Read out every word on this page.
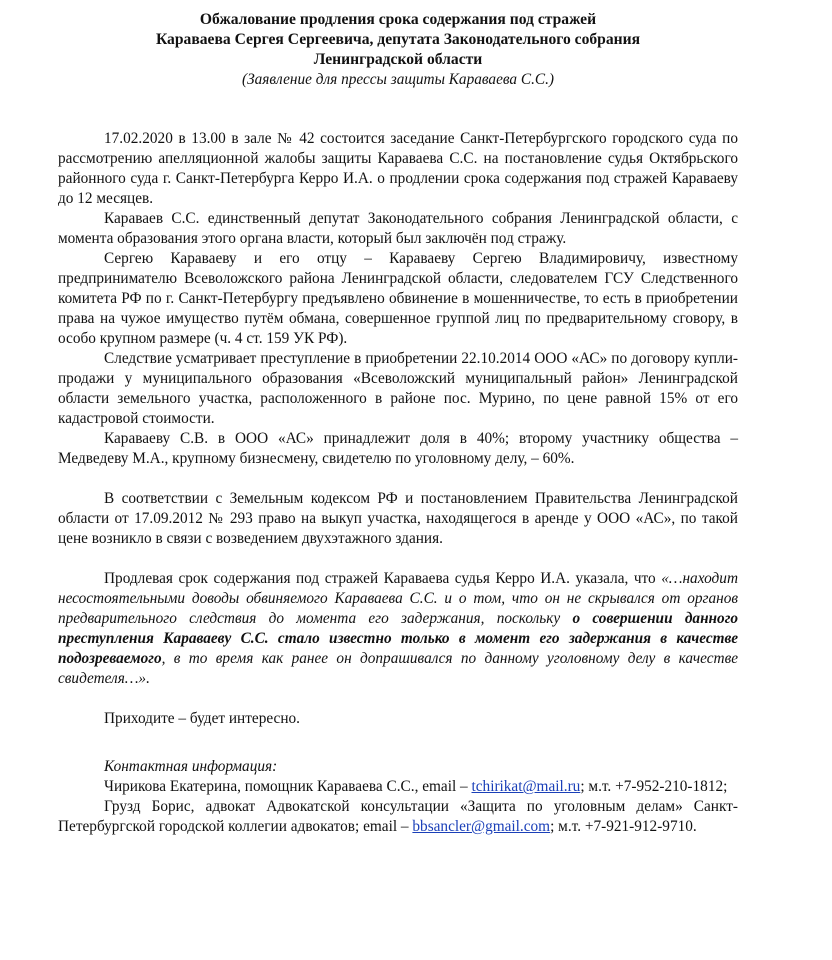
Обжалование продления срока содержания под стражей
Караваева Сергея Сергеевича, депутата Законодательного собрания
Ленинградской области
(Заявление для прессы защиты Караваева С.С.)

17.02.2020 в 13.00 в зале № 42 состоится заседание Санкт-Петербургского городского суда по рассмотрению апелляционной жалобы защиты Караваева С.С. на постановление судья Октябрьского районного суда г. Санкт-Петербурга Керро И.А. о продлении срока содержания под стражей Караваеву до 12 месяцев.

Караваев С.С. единственный депутат Законодательного собрания Ленинградской области, с момента образования этого органа власти, который был заключён под стражу.

Сергею Караваеву и его отцу – Караваеву Сергею Владимировичу, известному предпринимателю Всеволожского района Ленинградской области, следователем ГСУ Следственного комитета РФ по г. Санкт-Петербургу предъявлено обвинение в мошенничестве, то есть в приобретении права на чужое имущество путём обмана, совершенное группой лиц по предварительному сговору, в особо крупном размере (ч. 4 ст. 159 УК РФ).

Следствие усматривает преступление в приобретении 22.10.2014 ООО «АС» по договору купли-продажи у муниципального образования «Всеволожский муниципальный район» Ленинградской области земельного участка, расположенного в районе пос. Мурино, по цене равной 15% от его кадастровой стоимости.

Караваеву С.В. в ООО «АС» принадлежит доля в 40%; второму участнику общества – Медведеву М.А., крупному бизнесмену, свидетелю по уголовному делу, – 60%.

В соответствии с Земельным кодексом РФ и постановлением Правительства Ленинградской области от 17.09.2012 № 293 право на выкуп участка, находящегося в аренде у ООО «АС», по такой цене возникло в связи с возведением двухэтажного здания.

Продлевая срок содержания под стражей Караваева судья Керро И.А. указала, что «…находит несостоятельными доводы обвиняемого Караваева С.С. и о том, что он не скрывался от органов предварительного следствия до момента его задержания, поскольку о совершении данного преступления Караваеву С.С. стало известно только в момент его задержания в качестве подозреваемого, в то время как ранее он допрашивался по данному уголовному делу в качестве свидетеля…».

Приходите – будет интересно.

Контактная информация:

Чирикова Екатерина, помощник Караваева С.С., email – tchirikat@mail.ru; м.т. +7-952-210-1812;

Грузд Борис, адвокат Адвокатской консультации «Защита по уголовным делам» Санкт-Петербургской городской коллегии адвокатов; email – bbsancler@gmail.com; м.т. +7-921-912-9710.
